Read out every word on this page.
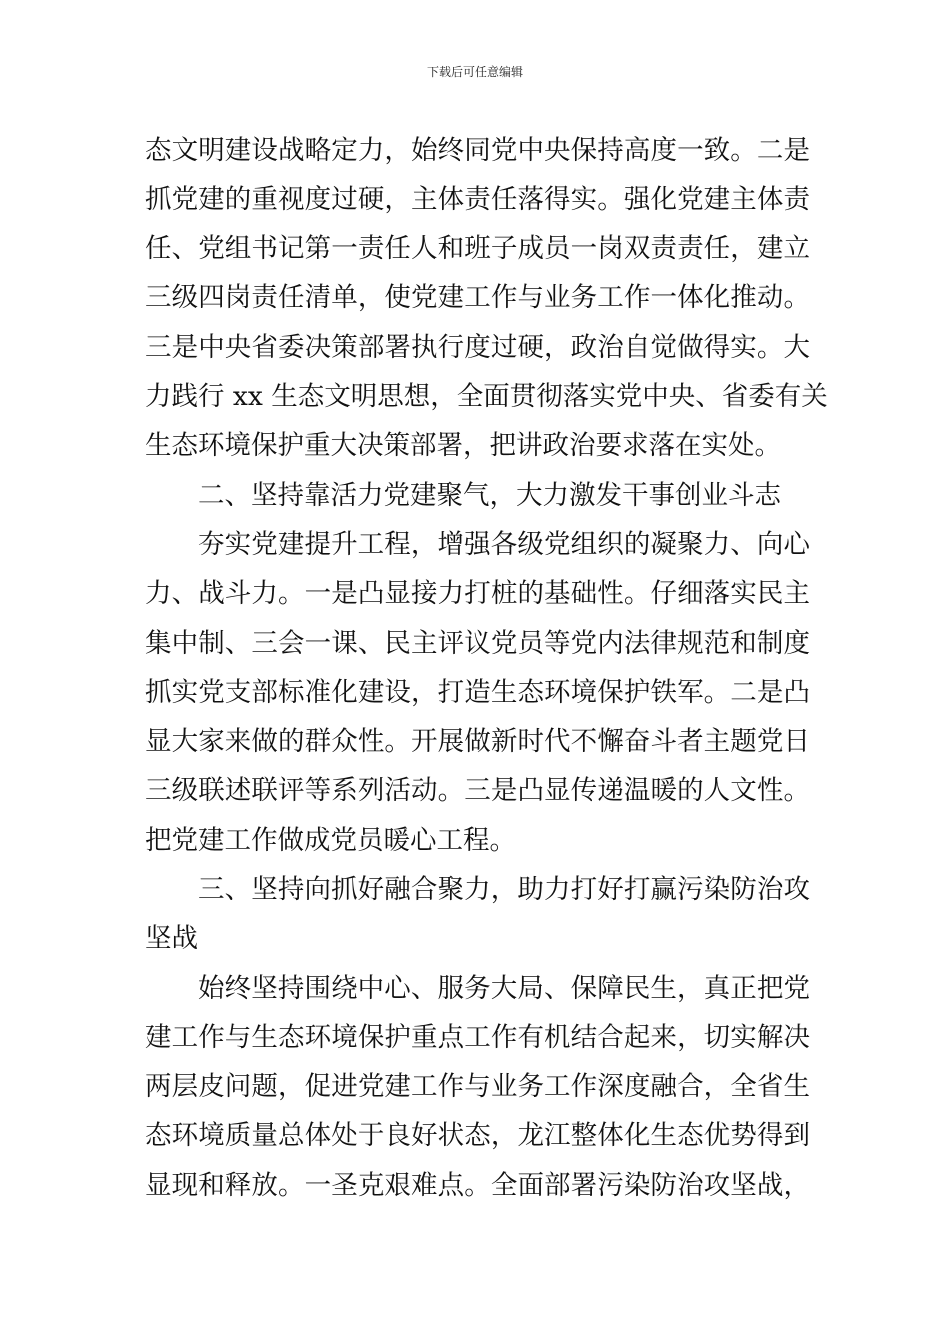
下载后可任意编辑
态文明建设战略定力，始终同党中央保持高度一致。二是
抓党建的重视度过硬，主体责任落得实。强化党建主体责
任、党组书记第一责任人和班子成员一岗双责责任，建立
三级四岗责任清单，使党建工作与业务工作一体化推动。
三是中央省委决策部署执行度过硬，政治自觉做得实。大
力践行 xx 生态文明思想，全面贯彻落实党中央、省委有关
生态环境保护重大决策部署，把讲政治要求落在实处。
二、坚持靠活力党建聚气，大力激发干事创业斗志
夯实党建提升工程，增强各级党组织的凝聚力、向心
力、战斗力。一是凸显接力打桩的基础性。仔细落实民主
集中制、三会一课、民主评议党员等党内法律规范和制度
抓实党支部标准化建设，打造生态环境保护铁军。二是凸
显大家来做的群众性。开展做新时代不懈奋斗者主题党日
三级联述联评等系列活动。三是凸显传递温暖的人文性。
把党建工作做成党员暖心工程。
三、坚持向抓好融合聚力，助力打好打赢污染防治攻
坚战
始终坚持围绕中心、服务大局、保障民生，真正把党
建工作与生态环境保护重点工作有机结合起来，切实解决
两层皮问题，促进党建工作与业务工作深度融合，全省生
态环境质量总体处于良好状态，龙江整体化生态优势得到
显现和释放。一圣克艰难点。全面部署污染防治攻坚战，
